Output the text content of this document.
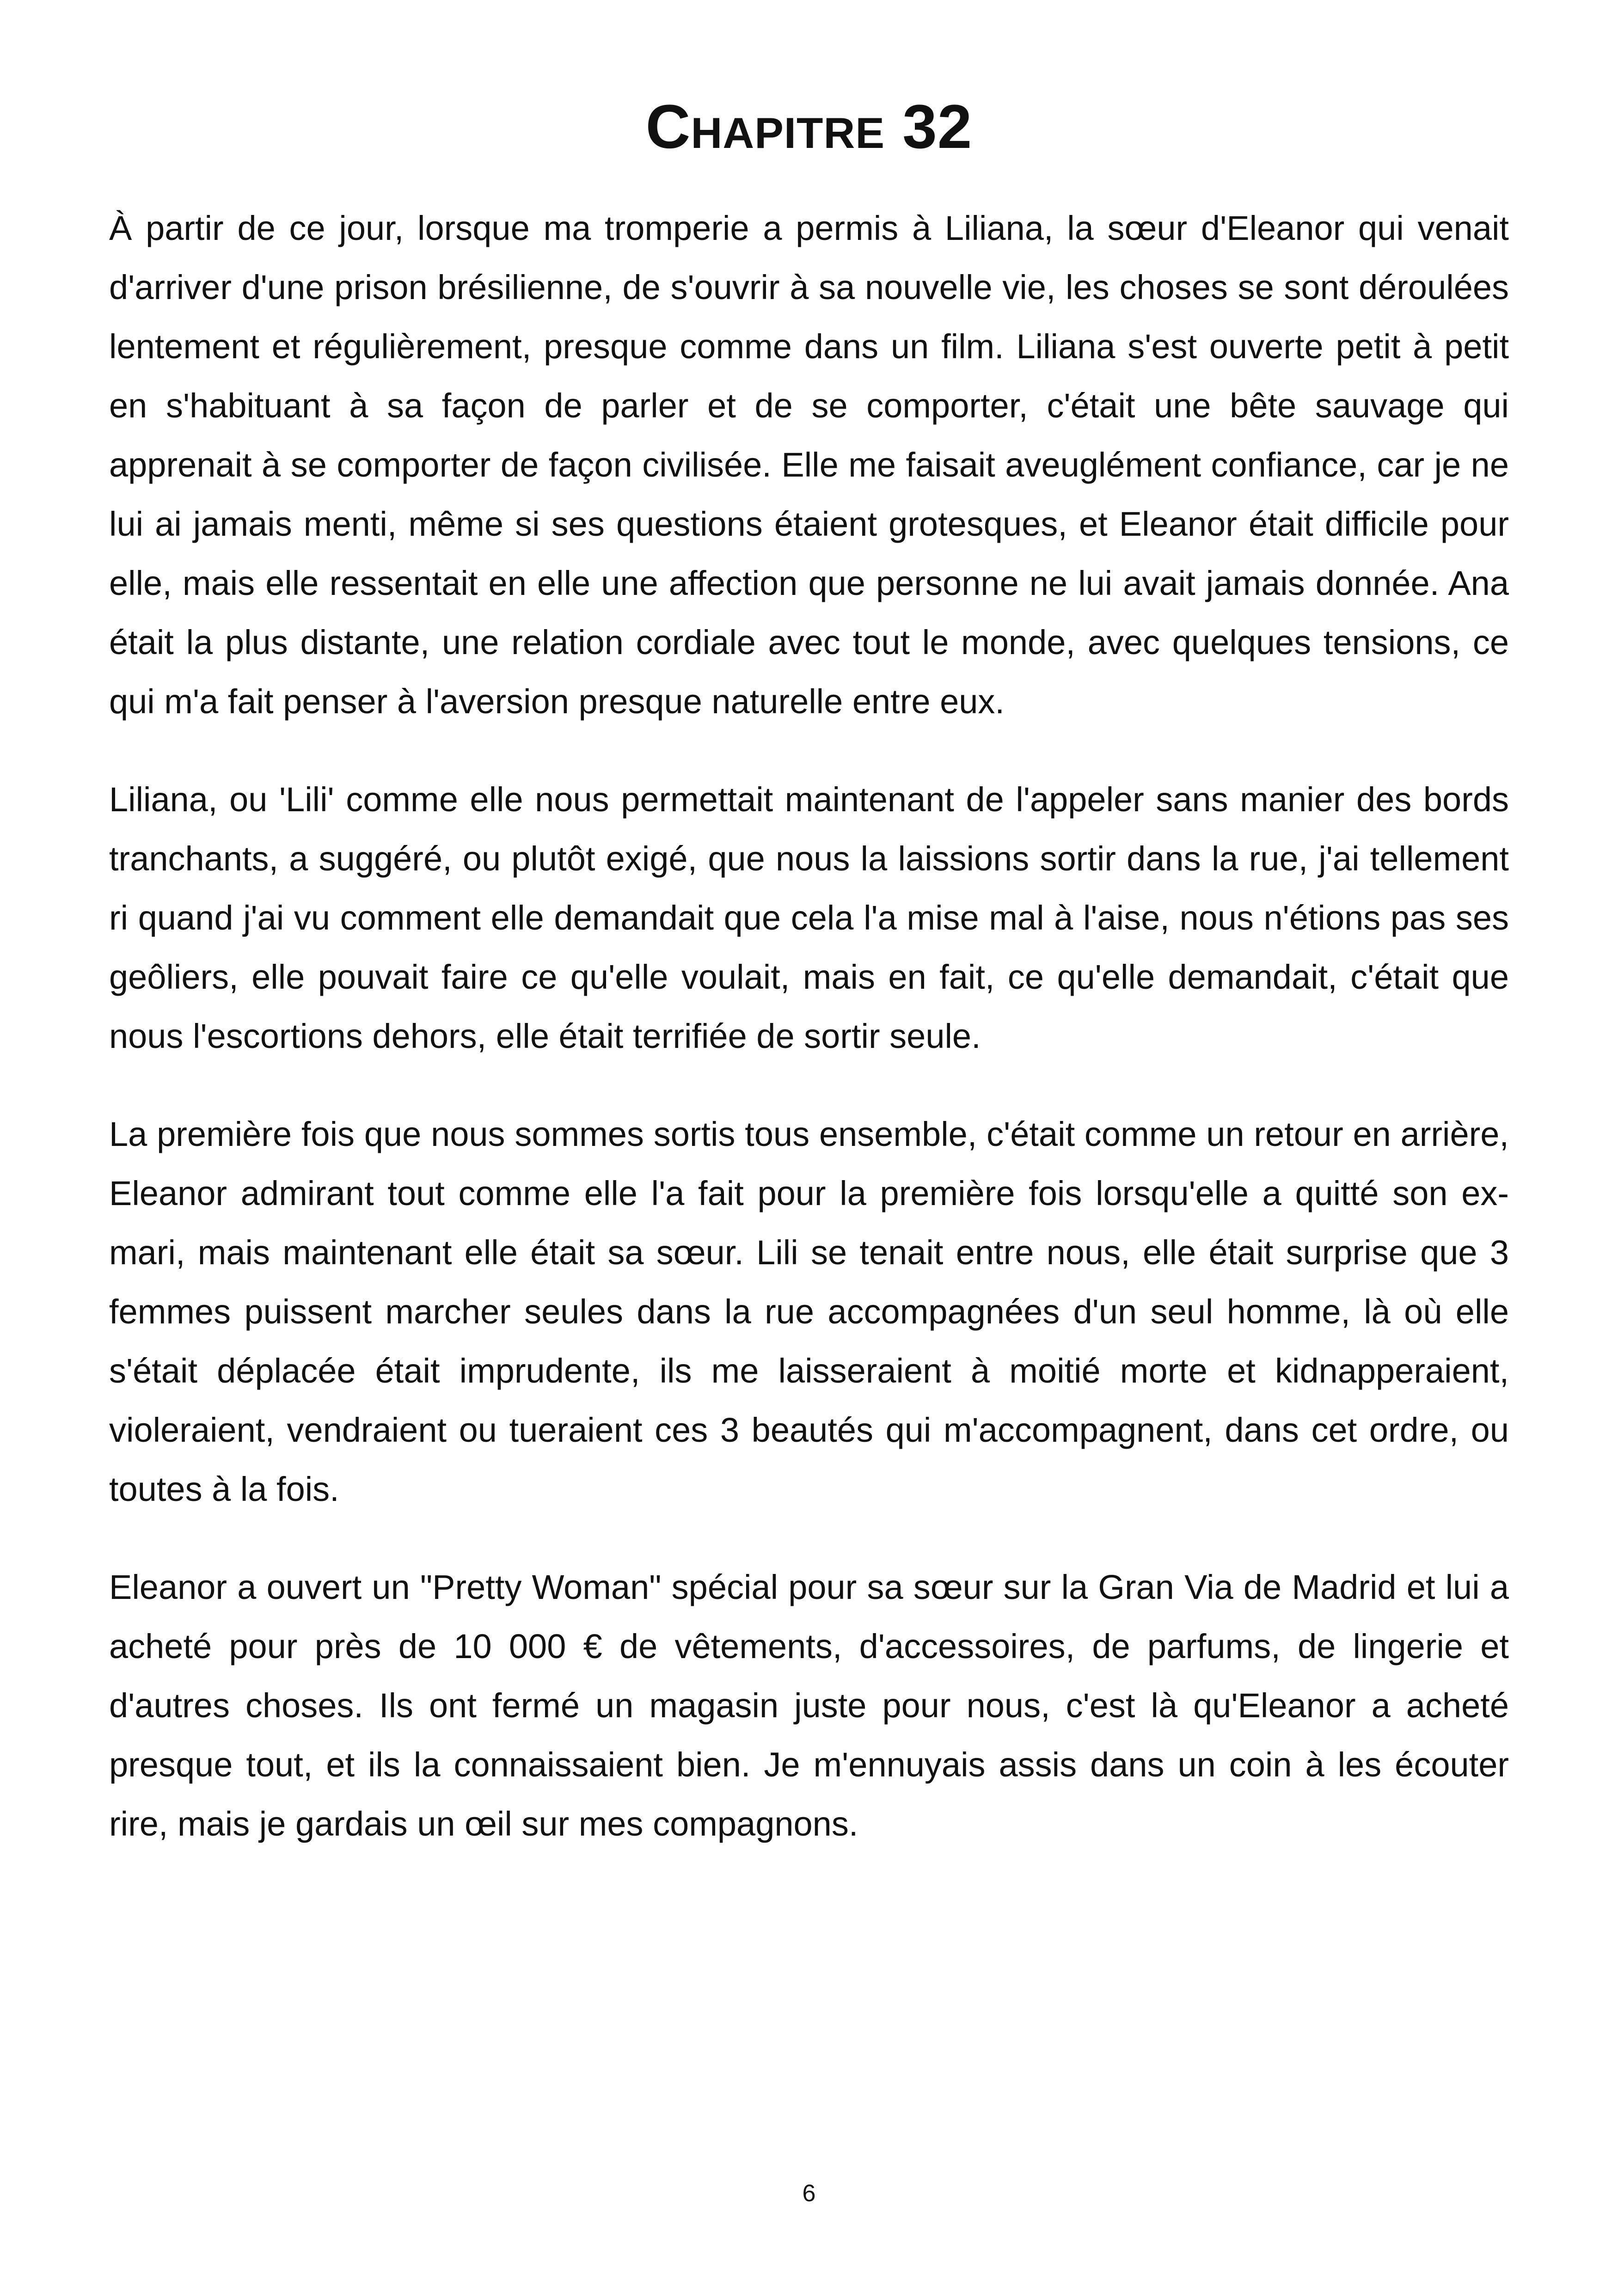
Chapitre 32

À partir de ce jour, lorsque ma tromperie a permis à Liliana, la sœur d'Eleanor qui venait d'arriver d'une prison brésilienne, de s'ouvrir à sa nouvelle vie, les choses se sont déroulées lentement et régulièrement, presque comme dans un film. Liliana s'est ouverte petit à petit en s'habituant à sa façon de parler et de se comporter, c'était une bête sauvage qui apprenait à se comporter de façon civilisée. Elle me faisait aveuglément confiance, car je ne lui ai jamais menti, même si ses questions étaient grotesques, et Eleanor était difficile pour elle, mais elle ressentait en elle une affection que personne ne lui avait jamais donnée. Ana était la plus distante, une relation cordiale avec tout le monde, avec quelques tensions, ce qui m'a fait penser à l'aversion presque naturelle entre eux.

Liliana, ou 'Lili' comme elle nous permettait maintenant de l'appeler sans manier des bords tranchants, a suggéré, ou plutôt exigé, que nous la laissions sortir dans la rue, j'ai tellement ri quand j'ai vu comment elle demandait que cela l'a mise mal à l'aise, nous n'étions pas ses geôliers, elle pouvait faire ce qu'elle voulait, mais en fait, ce qu'elle demandait, c'était que nous l'escortions dehors, elle était terrifiée de sortir seule.

La première fois que nous sommes sortis tous ensemble, c'était comme un retour en arrière, Eleanor admirant tout comme elle l'a fait pour la première fois lorsqu'elle a quitté son ex-mari, mais maintenant elle était sa sœur. Lili se tenait entre nous, elle était surprise que 3 femmes puissent marcher seules dans la rue accompagnées d'un seul homme, là où elle s'était déplacée était imprudente, ils me laisseraient à moitié morte et kidnapperaient, violeraient, vendraient ou tueraient ces 3 beautés qui m'accompagnent, dans cet ordre, ou toutes à la fois.

Eleanor a ouvert un "Pretty Woman" spécial pour sa sœur sur la Gran Via de Madrid et lui a acheté pour près de 10 000 € de vêtements, d'accessoires, de parfums, de lingerie et d'autres choses. Ils ont fermé un magasin juste pour nous, c'est là qu'Eleanor a acheté presque tout, et ils la connaissaient bien. Je m'ennuyais assis dans un coin à les écouter rire, mais je gardais un œil sur mes compagnons.

6
